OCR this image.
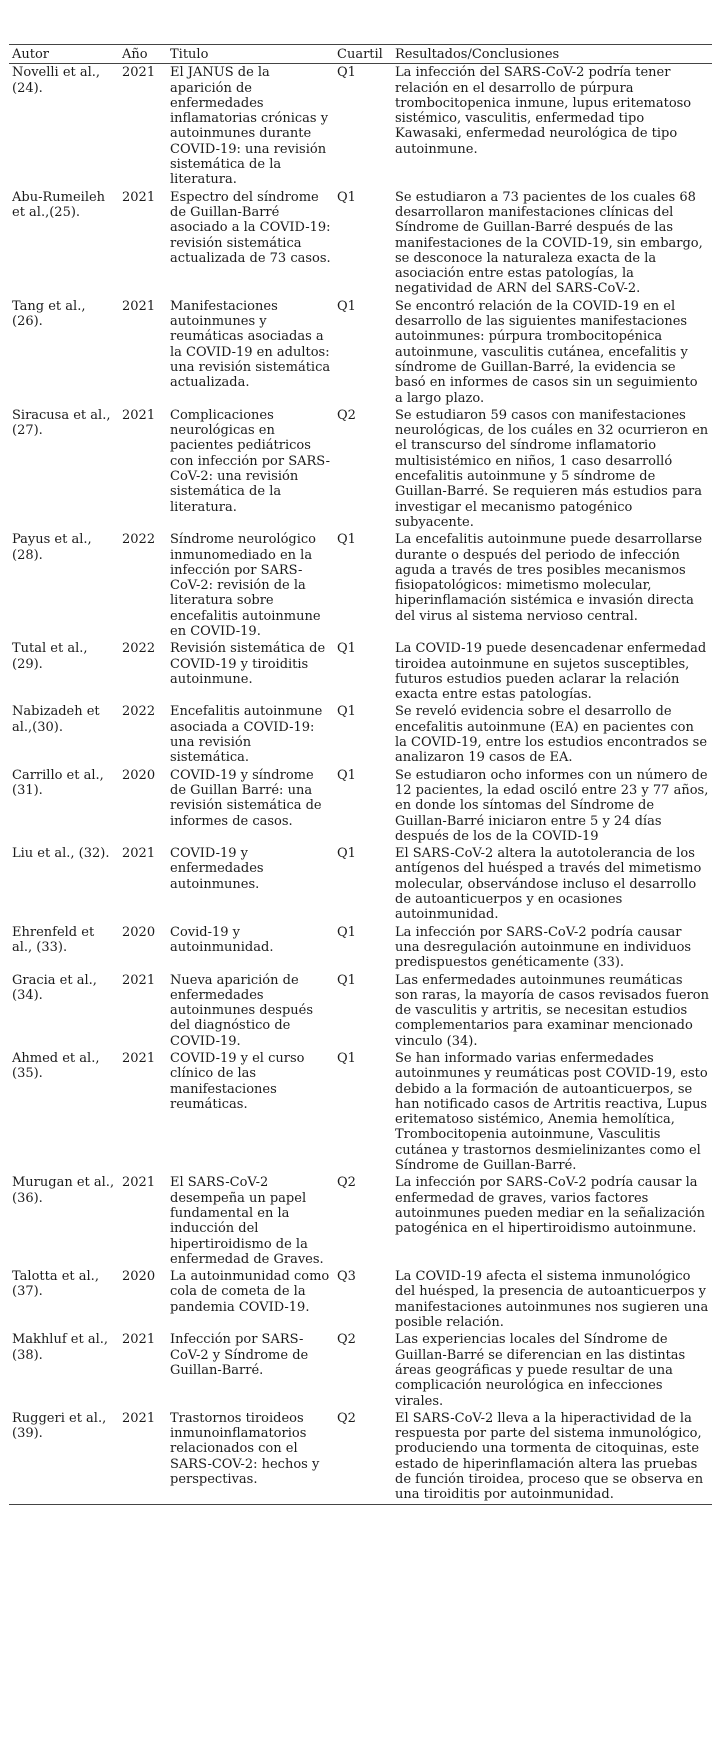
Autor	Año	Titulo	Cuartil	Resultados/Conclusiones
Novelli et al.,(24).	2021	El JANUS de la aparición de enfermedades inflamatorias crónicas y autoinmunes durante COVID-19: una revisión sistemática de la literatura.	Q1	La infección del SARS-CoV-2 podría tener relación en el desarrollo de púrpura trombocitopenica inmune, lupus eritematoso sistémico, vasculitis, enfermedad tipo Kawasaki, enfermedad neurológica de tipo autoinmune.
Abu-Rumeileh et al.,(25).	2021	Espectro del síndrome de Guillan-Barré asociado a la COVID-19: revisión sistemática actualizada de 73 casos.	Q1	Se estudiaron a 73 pacientes de los cuales 68 desarrollaron manifestaciones clínicas del Síndrome de Guillan-Barré después de las manifestaciones de la COVID-19, sin embargo, se desconoce la naturaleza exacta de la asociación entre estas patologías, la negatividad de ARN del SARS-CoV-2.
Tang et al.,(26).	2021	Manifestaciones autoinmunes y reumáticas asociadas a la COVID-19 en adultos: una revisión sistemática actualizada.	Q1	Se encontró relación de la COVID-19 en el desarrollo de las siguientes manifestaciones autoinmunes: púrpura trombocitopénica autoinmune, vasculitis cutánea, encefalitis y síndrome de Guillan-Barré, la evidencia se basó en informes de casos sin un seguimiento a largo plazo.
Siracusa et al.,(27).	2021	Complicaciones neurológicas en pacientes pediátricos con infección por SARS-CoV-2: una revisión sistemática de la literatura.	Q2	Se estudiaron 59 casos con manifestaciones neurológicas, de los cuáles en 32 ocurrieron en el transcurso del síndrome inflamatorio multisistémico en niños, 1 caso desarrolló encefalitis autoinmune y 5 síndrome de Guillan-Barré. Se requieren más estudios para investigar el mecanismo patogénico subyacente.
Payus et al.,(28).	2022	Síndrome neurológico inmunomediado en la infección por SARS-CoV-2: revisión de la literatura sobre encefalitis autoinmune en COVID-19.	Q1	La encefalitis autoinmune puede desarrollarse durante o después del periodo de infección aguda a través de tres posibles mecanismos fisiopatológicos: mimetismo molecular, hiperinflamación sistémica e invasión directa del virus al sistema nervioso central.
Tutal et al.,(29).	2022	Revisión sistemática de COVID-19 y tiroiditis autoinmune.	Q1	La COVID-19 puede desencadenar enfermedad tiroidea autoinmune en sujetos susceptibles, futuros estudios pueden aclarar la relación exacta entre estas patologías.
Nabizadeh et al.,(30).	2022	Encefalitis autoinmune asociada a COVID-19: una revisión sistemática.	Q1	Se reveló evidencia sobre el desarrollo de encefalitis autoinmune (EA) en pacientes con la COVID-19, entre los estudios encontrados se analizaron 19 casos de EA.
Carrillo et al., (31).	2020	COVID-19 y síndrome de Guillan Barré: una revisión sistemática de informes de casos.	Q1	Se estudiaron ocho informes con un número de 12 pacientes, la edad osciló entre 23 y 77 años, en donde los síntomas del Síndrome de Guillan-Barré iniciaron entre 5 y 24 días después de los de la COVID-19
Liu et al., (32).	2021	COVID-19 y enfermedades autoinmunes.	Q1	El SARS-CoV-2 altera la autotolerancia de los antígenos del huésped a través del mimetismo molecular, observándose incluso el desarrollo de autoanticuerpos y en ocasiones autoinmunidad.
Ehrenfeld et al., (33).	2020	Covid-19 y autoinmunidad.	Q1	La infección por SARS-CoV-2 podría causar una desregulación autoinmune en individuos predispuestos genéticamente (33).
Gracia et al., (34).	2021	Nueva aparición de enfermedades autoinmunes después del diagnóstico de COVID-19.	Q1	Las enfermedades autoinmunes reumáticas son raras, la mayoría de casos revisados fueron de vasculitis y artritis, se necesitan estudios complementarios para examinar mencionado vinculo (34).
Ahmed et al., (35).	2021	COVID-19 y el curso clínico de las manifestaciones reumáticas.	Q1	Se han informado varias enfermedades autoinmunes y reumáticas post COVID-19, esto debido a la formación de autoanticuerpos, se han notificado casos de Artritis reactiva, Lupus eritematoso sistémico, Anemia hemolítica, Trombocitopenia autoinmune, Vasculitis cutánea y trastornos desmielinizantes como el Síndrome de Guillan-Barré.
Murugan et al.,(36).	2021	El SARS-CoV-2 desempeña un papel fundamental en la inducción del hipertiroidismo de la enfermedad de Graves.	Q2	La infección por SARS-CoV-2 podría causar la enfermedad de graves, varios factores autoinmunes pueden mediar en la señalización patogénica en el hipertiroidismo autoinmune.
Talotta et al., (37).	2020	La autoinmunidad como cola de cometa de la pandemia COVID-19.	Q3	La COVID-19 afecta el sistema inmunológico del huésped, la presencia de autoanticuerpos y manifestaciones autoinmunes nos sugieren una posible relación.
Makhluf et al.,(38).	2021	Infección por SARS-CoV-2 y Síndrome de Guillan-Barré.	Q2	Las experiencias locales del Síndrome de Guillan-Barré se diferencian en las distintas áreas geográficas y puede resultar de una complicación neurológica en infecciones virales.
Ruggeri et al.,(39).	2021	Trastornos tiroideos inmunoinflamatorios relacionados con el SARS-COV-2: hechos y perspectivas.	Q2	El SARS-CoV-2 lleva a la hiperactividad de la respuesta por parte del sistema inmunológico, produciendo una tormenta de citoquinas, este estado de hiperinflamación altera las pruebas de función tiroidea, proceso que se observa en una tiroiditis por autoinmunidad.
